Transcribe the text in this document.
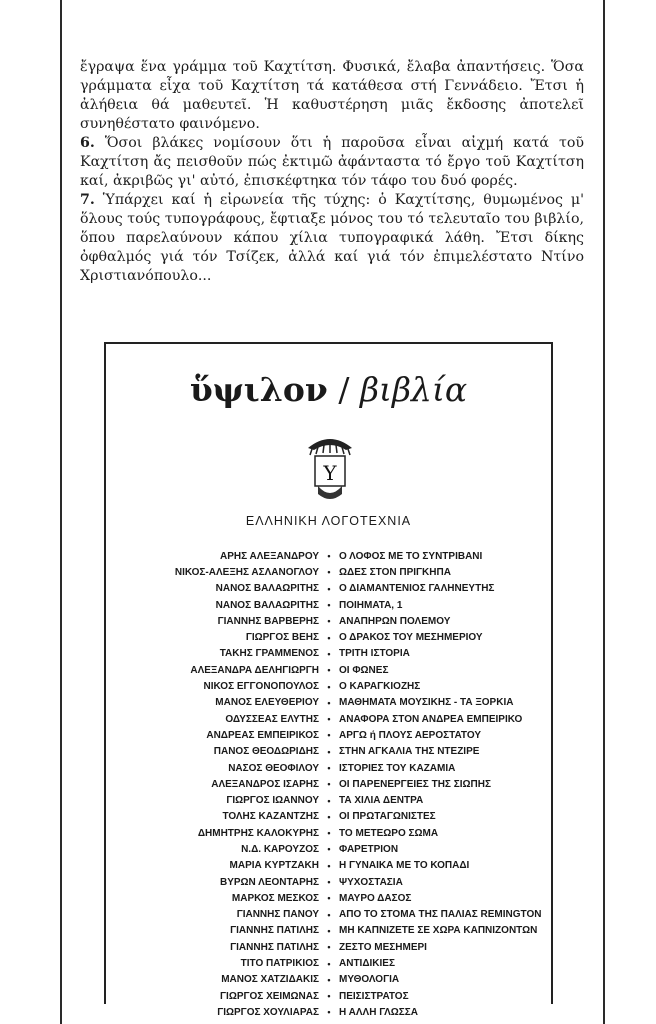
ἔγραψα ἕνα γράμμα τοῦ Καχτίτση. Φυσικά, ἔλαβα ἀπαντήσεις. Ὅσα γράμματα εἶχα τοῦ Καχτίτση τά κατάθεσα στή Γεννάδειο. Ἔτσι ἡ ἀλήθεια θά μαθευτεῖ. Ἡ καθυστέρηση μιᾶς ἔκδοσης ἀποτελεῖ συνηθέστατο φαινόμενο.

6. Ὅσοι βλάκες νομίσουν ὅτι ἡ παροῦσα εἶναι αἰχμή κατά τοῦ Καχτίτση ἄς πεισθοῦν πώς ἐκτιμῶ ἀφάνταστα τό ἔργο τοῦ Καχτίτση καί, ἀκριβῶς γι' αὐτό, ἐπισκέφτηκα τόν τάφο του δυό φορές.

7. Ὑπάρχει καί ἡ εἰρωνεία τῆς τύχης: ὁ Καχτίτσης, θυμωμένος μ' ὅλους τούς τυπογράφους, ἔφτιαξε μόνος του τό τελευταῖο του βιβλίο, ὅπου παρελαύνουν κάπου χίλια τυπογραφικά λάθη. Ἔτσι δίκης ὀφθαλμός γιά τόν Τσίζεκ, ἀλλά καί γιά τόν ἐπιμελέστατο Ντίνο Χριστιανόπουλο...

ὕψιλον / βιβλία
Υ
ΕΛΛΗΝΙΚΗ ΛΟΓΟΤΕΧΝΙΑ
ΑΡΗΣ ΑΛΕΞΑΝΔΡΟΥ • Ο ΛΟΦΟΣ ΜΕ ΤΟ ΣΥΝΤΡΙΒΑΝΙ
ΝΙΚΟΣ-ΑΛΕΞΗΣ ΑΣΛΑΝΟΓΛΟΥ • ΩΔΕΣ ΣΤΟΝ ΠΡΙΓΚΗΠΑ
ΝΑΝΟΣ ΒΑΛΑΩΡΙΤΗΣ • Ο ΔΙΑΜΑΝΤΕΝΙΟΣ ΓΑΛΗΝΕΥΤΗΣ
ΝΑΝΟΣ ΒΑΛΑΩΡΙΤΗΣ • ΠΟΙΗΜΑΤΑ, 1
ΓΙΑΝΝΗΣ ΒΑΡΒΕΡΗΣ • ΑΝΑΠΗΡΩΝ ΠΟΛΕΜΟΥ
ΓΙΩΡΓΟΣ ΒΕΗΣ • Ο ΔΡΑΚΟΣ ΤΟΥ ΜΕΣΗΜΕΡΙΟΥ
ΤΑΚΗΣ ΓΡΑΜΜΕΝΟΣ • ΤΡΙΤΗ ΙΣΤΟΡΙΑ
ΑΛΕΞΑΝΔΡΑ ΔΕΛΗΓΙΩΡΓΗ • ΟΙ ΦΩΝΕΣ
ΝΙΚΟΣ ΕΓΓΟΝΟΠΟΥΛΟΣ • Ο ΚΑΡΑΓΚΙΟΖΗΣ
ΜΑΝΟΣ ΕΛΕΥΘΕΡΙΟΥ • ΜΑΘΗΜΑΤΑ ΜΟΥΣΙΚΗΣ - ΤΑ ΞΟΡΚΙΑ
ΟΔΥΣΣΕΑΣ ΕΛΥΤΗΣ • ΑΝΑΦΟΡΑ ΣΤΟΝ ΑΝΔΡΕΑ ΕΜΠΕΙΡΙΚΟ
ΑΝΔΡΕΑΣ ΕΜΠΕΙΡΙΚΟΣ • ΑΡΓΩ ή ΠΛΟΥΣ ΑΕΡΟΣΤΑΤΟΥ
ΠΑΝΟΣ ΘΕΟΔΩΡΙΔΗΣ • ΣΤΗΝ ΑΓΚΑΛΙΑ ΤΗΣ ΝΤΕΖΙΡΕ
ΝΑΣΟΣ ΘΕΟΦΙΛΟΥ • ΙΣΤΟΡΙΕΣ ΤΟΥ ΚΑΖΑΜΙΑ
ΑΛΕΞΑΝΔΡΟΣ ΙΣΑΡΗΣ • ΟΙ ΠΑΡΕΝΕΡΓΕΙΕΣ ΤΗΣ ΣΙΩΠΗΣ
ΓΙΩΡΓΟΣ ΙΩΑΝΝΟΥ • ΤΑ ΧΙΛΙΑ ΔΕΝΤΡΑ
ΤΟΛΗΣ ΚΑΖΑΝΤΖΗΣ • ΟΙ ΠΡΩΤΑΓΩΝΙΣΤΕΣ
ΔΗΜΗΤΡΗΣ ΚΑΛΟΚΥΡΗΣ • ΤΟ ΜΕΤΕΩΡΟ ΣΩΜΑ
Ν.Δ. ΚΑΡΟΥΖΟΣ • ΦΑΡΕΤΡΙΟΝ
ΜΑΡΙΑ ΚΥΡΤΖΑΚΗ • Η ΓΥΝΑΙΚΑ ΜΕ ΤΟ ΚΟΠΑΔΙ
ΒΥΡΩΝ ΛΕΟΝΤΑΡΗΣ • ΨΥΧΟΣΤΑΣΙΑ
ΜΑΡΚΟΣ ΜΕΣΚΟΣ • ΜΑΥΡΟ ΔΑΣΟΣ
ΓΙΑΝΝΗΣ ΠΑΝΟΥ • ΑΠΟ ΤΟ ΣΤΟΜΑ ΤΗΣ ΠΑΛΙΑΣ REMINGTON
ΓΙΑΝΝΗΣ ΠΑΤΙΛΗΣ • ΜΗ ΚΑΠΝΙΖΕΤΕ ΣΕ ΧΩΡΑ ΚΑΠΝΙΖΟΝΤΩΝ
ΓΙΑΝΝΗΣ ΠΑΤΙΛΗΣ • ΖΕΣΤΟ ΜΕΣΗΜΕΡΙ
ΤΙΤΟ ΠΑΤΡΙΚΙΟΣ • ΑΝΤΙΔΙΚΙΕΣ
ΜΑΝΟΣ ΧΑΤΖΙΔΑΚΙΣ • ΜΥΘΟΛΟΓΙΑ
ΓΙΩΡΓΟΣ ΧΕΙΜΩΝΑΣ • ΠΕΙΣΙΣΤΡΑΤΟΣ
ΓΙΩΡΓΟΣ ΧΟΥΛΙΑΡΑΣ • Η ΑΛΛΗ ΓΛΩΣΣΑ
